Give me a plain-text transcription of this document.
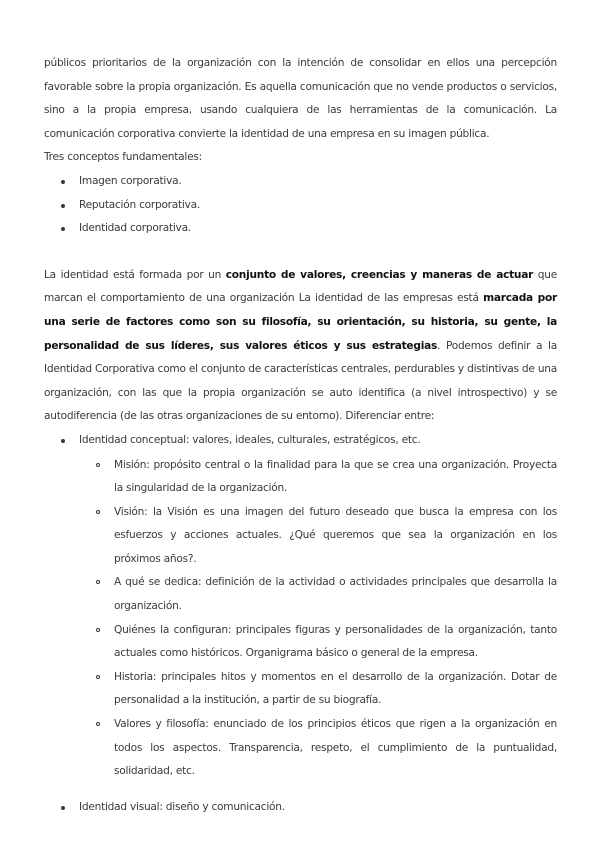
públicos prioritarios de la organización con la intención de consolidar en ellos una percepción favorable sobre la propia organización. Es aquella comunicación que no vende productos o servicios, sino a la propia empresa, usando cualquiera de las herramientas de la comunicación. La comunicación corporativa convierte la identidad de una empresa en su imagen pública.

Tres conceptos fundamentales:

Imagen corporativa.
Reputación corporativa.
Identidad corporativa.

La identidad está formada por un conjunto de valores, creencias y maneras de actuar que marcan el comportamiento de una organización La identidad de las empresas está marcada por una serie de factores como son su filosofía, su orientación, su historia, su gente, la personalidad de sus líderes, sus valores éticos y sus estrategias. Podemos definir a la Identidad Corporativa como el conjunto de características centrales, perdurables y distintivas de una organización, con las que la propia organización se auto identifica (a nivel introspectivo) y se autodiferencia (de las otras organizaciones de su entorno). Diferenciar entre:

Identidad conceptual: valores, ideales, culturales, estratégicos, etc.
Misión: propósito central o la finalidad para la que se crea una organización. Proyecta la singularidad de la organización.
Visión: la Visión es una imagen del futuro deseado que busca la empresa con los esfuerzos y acciones actuales. ¿Qué queremos que sea la organización en los próximos años?.
A qué se dedica: definición de la actividad o actividades principales que desarrolla la organización.
Quiénes la configuran: principales figuras y personalidades de la organización, tanto actuales como históricos. Organigrama básico o general de la empresa.
Historia: principales hitos y momentos en el desarrollo de la organización. Dotar de personalidad a la institución, a partir de su biografía.
Valores y filosofía: enunciado de los principios éticos que rigen a la organización en todos los aspectos. Transparencia, respeto, el cumplimiento de la puntualidad, solidaridad, etc.
Identidad visual: diseño y comunicación.
